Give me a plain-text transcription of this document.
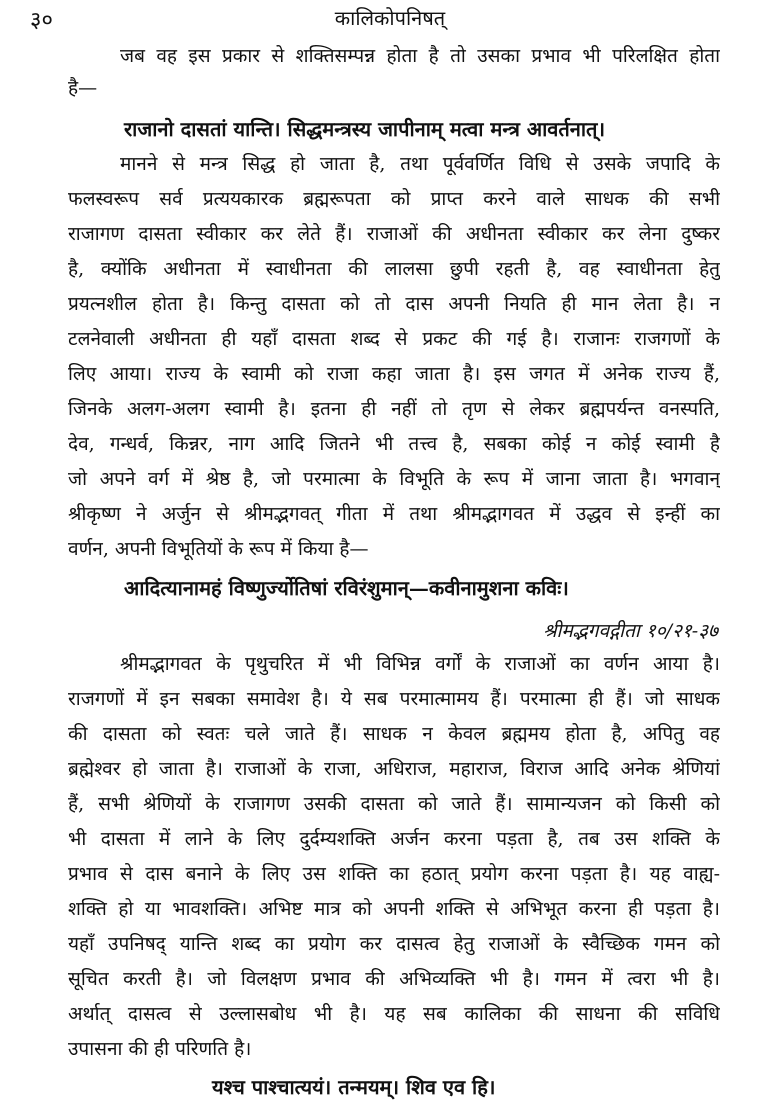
३०	कालिकोपनिषत्
जब वह इस प्रकार से शक्तिसम्पन्न होता है तो उसका प्रभाव भी परिलक्षित होता
है—
राजानो दासतां यान्ति। सिद्धमन्त्रस्य जापीनाम् मत्वा मन्त्र आवर्तनात्।
मानने से मन्त्र सिद्ध हो जाता है, तथा पूर्ववर्णित विधि से उसके जपादि के
फलस्वरूप सर्व प्रत्ययकारक ब्रह्मरूपता को प्राप्त करने वाले साधक की सभी
राजागण दासता स्वीकार कर लेते हैं। राजाओं की अधीनता स्वीकार कर लेना दुष्कर
है, क्योंकि अधीनता में स्वाधीनता की लालसा छुपी रहती है, वह स्वाधीनता हेतु
प्रयत्नशील होता है। किन्तु दासता को तो दास अपनी नियति ही मान लेता है। न
टलनेवाली अधीनता ही यहाँ दासता शब्द से प्रकट की गई है। राजानः राजगणों के
लिए आया। राज्य के स्वामी को राजा कहा जाता है। इस जगत में अनेक राज्य हैं,
जिनके अलग-अलग स्वामी है। इतना ही नहीं तो तृण से लेकर ब्रह्मपर्यन्त वनस्पति,
देव, गन्धर्व, किन्नर, नाग आदि जितने भी तत्त्व है, सबका कोई न कोई स्वामी है
जो अपने वर्ग में श्रेष्ठ है, जो परमात्मा के विभूति के रूप में जाना जाता है। भगवान्
श्रीकृष्ण ने अर्जुन से श्रीमद्भगवत् गीता में तथा श्रीमद्भागवत में उद्धव से इन्हीं का
वर्णन, अपनी विभूतियों के रूप में किया है—
आदित्यानामहं विष्णुर्ज्योतिषां रविरंशुमान्—कवीनामुशना कविः।
श्रीमद्भगवद्गीता १०/२१-३७
श्रीमद्भागवत के पृथुचरित में भी विभिन्न वर्गों के राजाओं का वर्णन आया है।
राजगणों में इन सबका समावेश है। ये सब परमात्मामय हैं। परमात्मा ही हैं। जो साधक
की दासता को स्वतः चले जाते हैं। साधक न केवल ब्रह्ममय होता है, अपितु वह
ब्रह्मेश्वर हो जाता है। राजाओं के राजा, अधिराज, महाराज, विराज आदि अनेक श्रेणियां
हैं, सभी श्रेणियों के राजागण उसकी दासता को जाते हैं। सामान्यजन को किसी को
भी दासता में लाने के लिए दुर्दम्यशक्ति अर्जन करना पड़ता है, तब उस शक्ति के
प्रभाव से दास बनाने के लिए उस शक्ति का हठात् प्रयोग करना पड़ता है। यह वाह्य-
शक्ति हो या भावशक्ति। अभिष्ट मात्र को अपनी शक्ति से अभिभूत करना ही पड़ता है।
यहाँ उपनिषद् यान्ति शब्द का प्रयोग कर दासत्व हेतु राजाओं के स्वैच्छिक गमन को
सूचित करती है। जो विलक्षण प्रभाव की अभिव्यक्ति भी है। गमन में त्वरा भी है।
अर्थात् दासत्व से उल्लासबोध भी है। यह सब कालिका की साधना की सविधि
उपासना की ही परिणति है।
यश्च पाश्चात्ययं। तन्मयम्। शिव एव हि।
